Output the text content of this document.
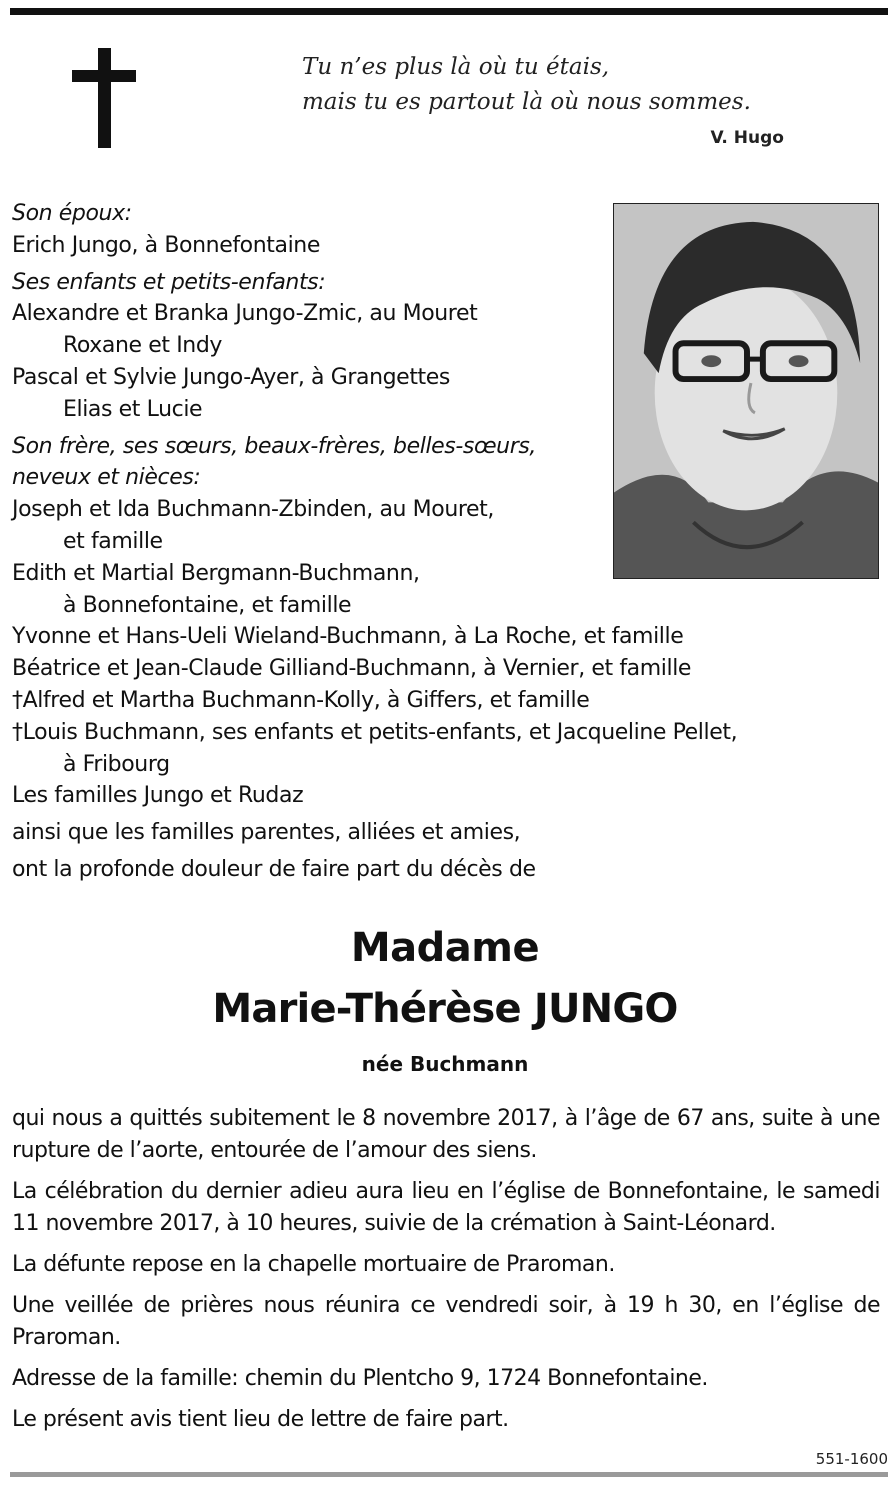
Tu n’es plus là où tu étais,
mais tu es partout là où nous sommes.
V. Hugo
Son époux:
Erich Jungo, à Bonnefontaine
Ses enfants et petits-enfants:
Alexandre et Branka Jungo-Zmic, au Mouret
Roxane et Indy
Pascal et Sylvie Jungo-Ayer, à Grangettes
Elias et Lucie
Son frère, ses sœurs, beaux-frères, belles-sœurs,
neveux et nièces:
Joseph et Ida Buchmann-Zbinden, au Mouret,
et famille
Edith et Martial Bergmann-Buchmann,
à Bonnefontaine, et famille
Yvonne et Hans-Ueli Wieland-Buchmann, à La Roche, et famille
Béatrice et Jean-Claude Gilliand-Buchmann, à Vernier, et famille
†Alfred et Martha Buchmann-Kolly, à Giffers, et famille
†Louis Buchmann, ses enfants et petits-enfants, et Jacqueline Pellet,
à Fribourg
Les familles Jungo et Rudaz
ainsi que les familles parentes, alliées et amies,
ont la profonde douleur de faire part du décès de
Madame
Marie-Thérèse JUNGO
née Buchmann

qui nous a quittés subitement le 8 novembre 2017, à l’âge de 67 ans, suite à une rupture de l’aorte, entourée de l’amour des siens.

La célébration du dernier adieu aura lieu en l’église de Bonnefontaine, le samedi 11 novembre 2017, à 10 heures, suivie de la crémation à Saint-Léonard.

La défunte repose en la chapelle mortuaire de Praroman.

Une veillée de prières nous réunira ce vendredi soir, à 19 h 30, en l’église de Praroman.

Adresse de la famille: chemin du Plentcho 9, 1724 Bonnefontaine.

Le présent avis tient lieu de lettre de faire part.

551-1600
